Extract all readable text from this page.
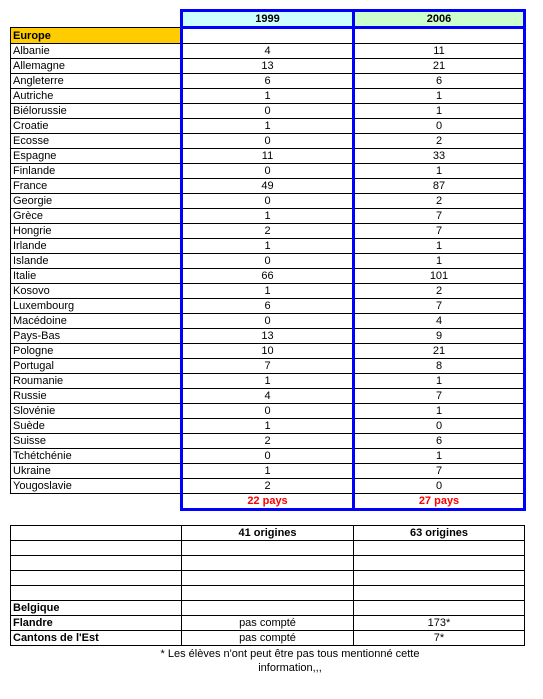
	1999	2006
Europe		
Albanie	4	11
Allemagne	13	21
Angleterre	6	6
Autriche	1	1
Biélorussie	0	1
Croatie	1	0
Ecosse	0	2
Espagne	11	33
Finlande	0	1
France	49	87
Georgie	0	2
Grèce	1	7
Hongrie	2	7
Irlande	1	1
Islande	0	1
Italie	66	101
Kosovo	1	2
Luxembourg	6	7
Macédoine	0	4
Pays-Bas	13	9
Pologne	10	21
Portugal	7	8
Roumanie	1	1
Russie	4	7
Slovénie	0	1
Suède	1	0
Suisse	2	6
Tchétchénie	0	1
Ukraine	1	7
Yougoslavie	2	0
	22 pays	27 pays

	41 origines	63 origines

Belgique		
Flandre	pas compté	173*
Cantons de l'Est	pas compté	7*
* Les élèves n'ont peut être pas tous mentionné cette information,,,
